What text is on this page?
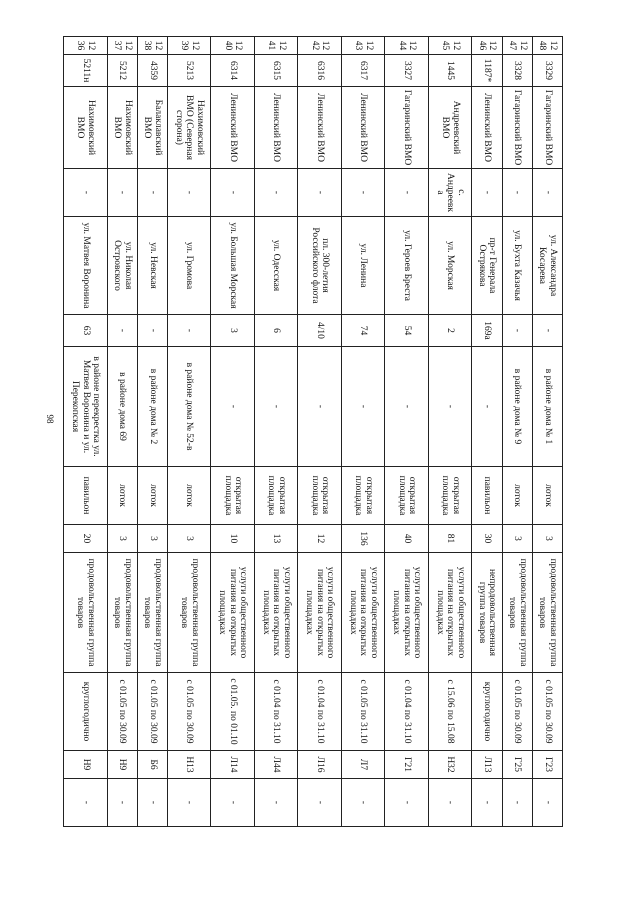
98
1248	3329	Гагаринский ВМО	-	ул. Александра Косарева	-	в районе дома № 1	лоток	3	продовольственная группа товаров	с 01.05 по 30.09	Г23	-
1247	3328	Гагаринский ВМО	-	ул. Бухта Казачья	-	в районе дома № 9	лоток	3	продовольственная группа товаров	с 01.05 по 30.09	Г25	-
1246	1187*	Ленинский ВМО	-	пр-т Генерала Острякова	169а	-	павильон	30	непродовольственная группа товаров	круглогодично	Л13	-
1245	1445	Андреевский ВМО	с. Андреевка	ул. Морская	2	-	открытая площадка	81	услуги общественного питания на открытых площадках	с 15.06 по 15.08	Н32	-
1244	3327	Гагаринский ВМО	-	ул. Героев Бреста	54	-	открытая площадка	40	услуги общественного питания на открытых площадках	с 01.04 по 31.10	Г21	-
1243	6317	Ленинский ВМО	-	ул. Ленина	74	-	открытая площадка	136	услуги общественного питания на открытых площадках	с 01.05 по 31.10	Л7	-
1242	6316	Ленинский ВМО	-	пл. 300-летия Российского флота	4/10	-	открытая площадка	12	услуги общественного питания на открытых площадках	с 01.04 по 31.10	Л16	-
1241	6315	Ленинский ВМО	-	ул. Одесская	6	-	открытая площадка	13	услуги общественного питания на открытых площадках	с 01.04 по 31.10	Л44	-
1240	6314	Ленинский ВМО	-	ул. Большая Морская	3	-	открытая площадка	10	услуги общественного питания на открытых площадках	с 01.05. по 01.10	Л14	-
1239	5213	Нахимовский ВМО (Северная сторона)	-	ул. Громова	-	в районе дома № 52-в	лоток	3	продовольственная группа товаров	с 01.05 по 30.09	Н13	-
1238	4359	Балаклавский ВМО	-	ул. Невская	-	в районе дома № 2	лоток	3	продовольственная группа товаров	с 01.05 по 30.09	Б6	-
1237	5212	Нахимовский ВМО	-	ул. Николая Островского	-	в районе дома 69	лоток	3	продовольственная группа товаров	с 01.05 по 30.09	Н9	-
1236	5211н	Нахимовский ВМО	-	ул. Матвея Воронина	63	в районе перекрестка ул. Матвея Воронина и ул. Перекопская	павильон	20	продовольственная группа товаров	круглогодично	Н9	-
